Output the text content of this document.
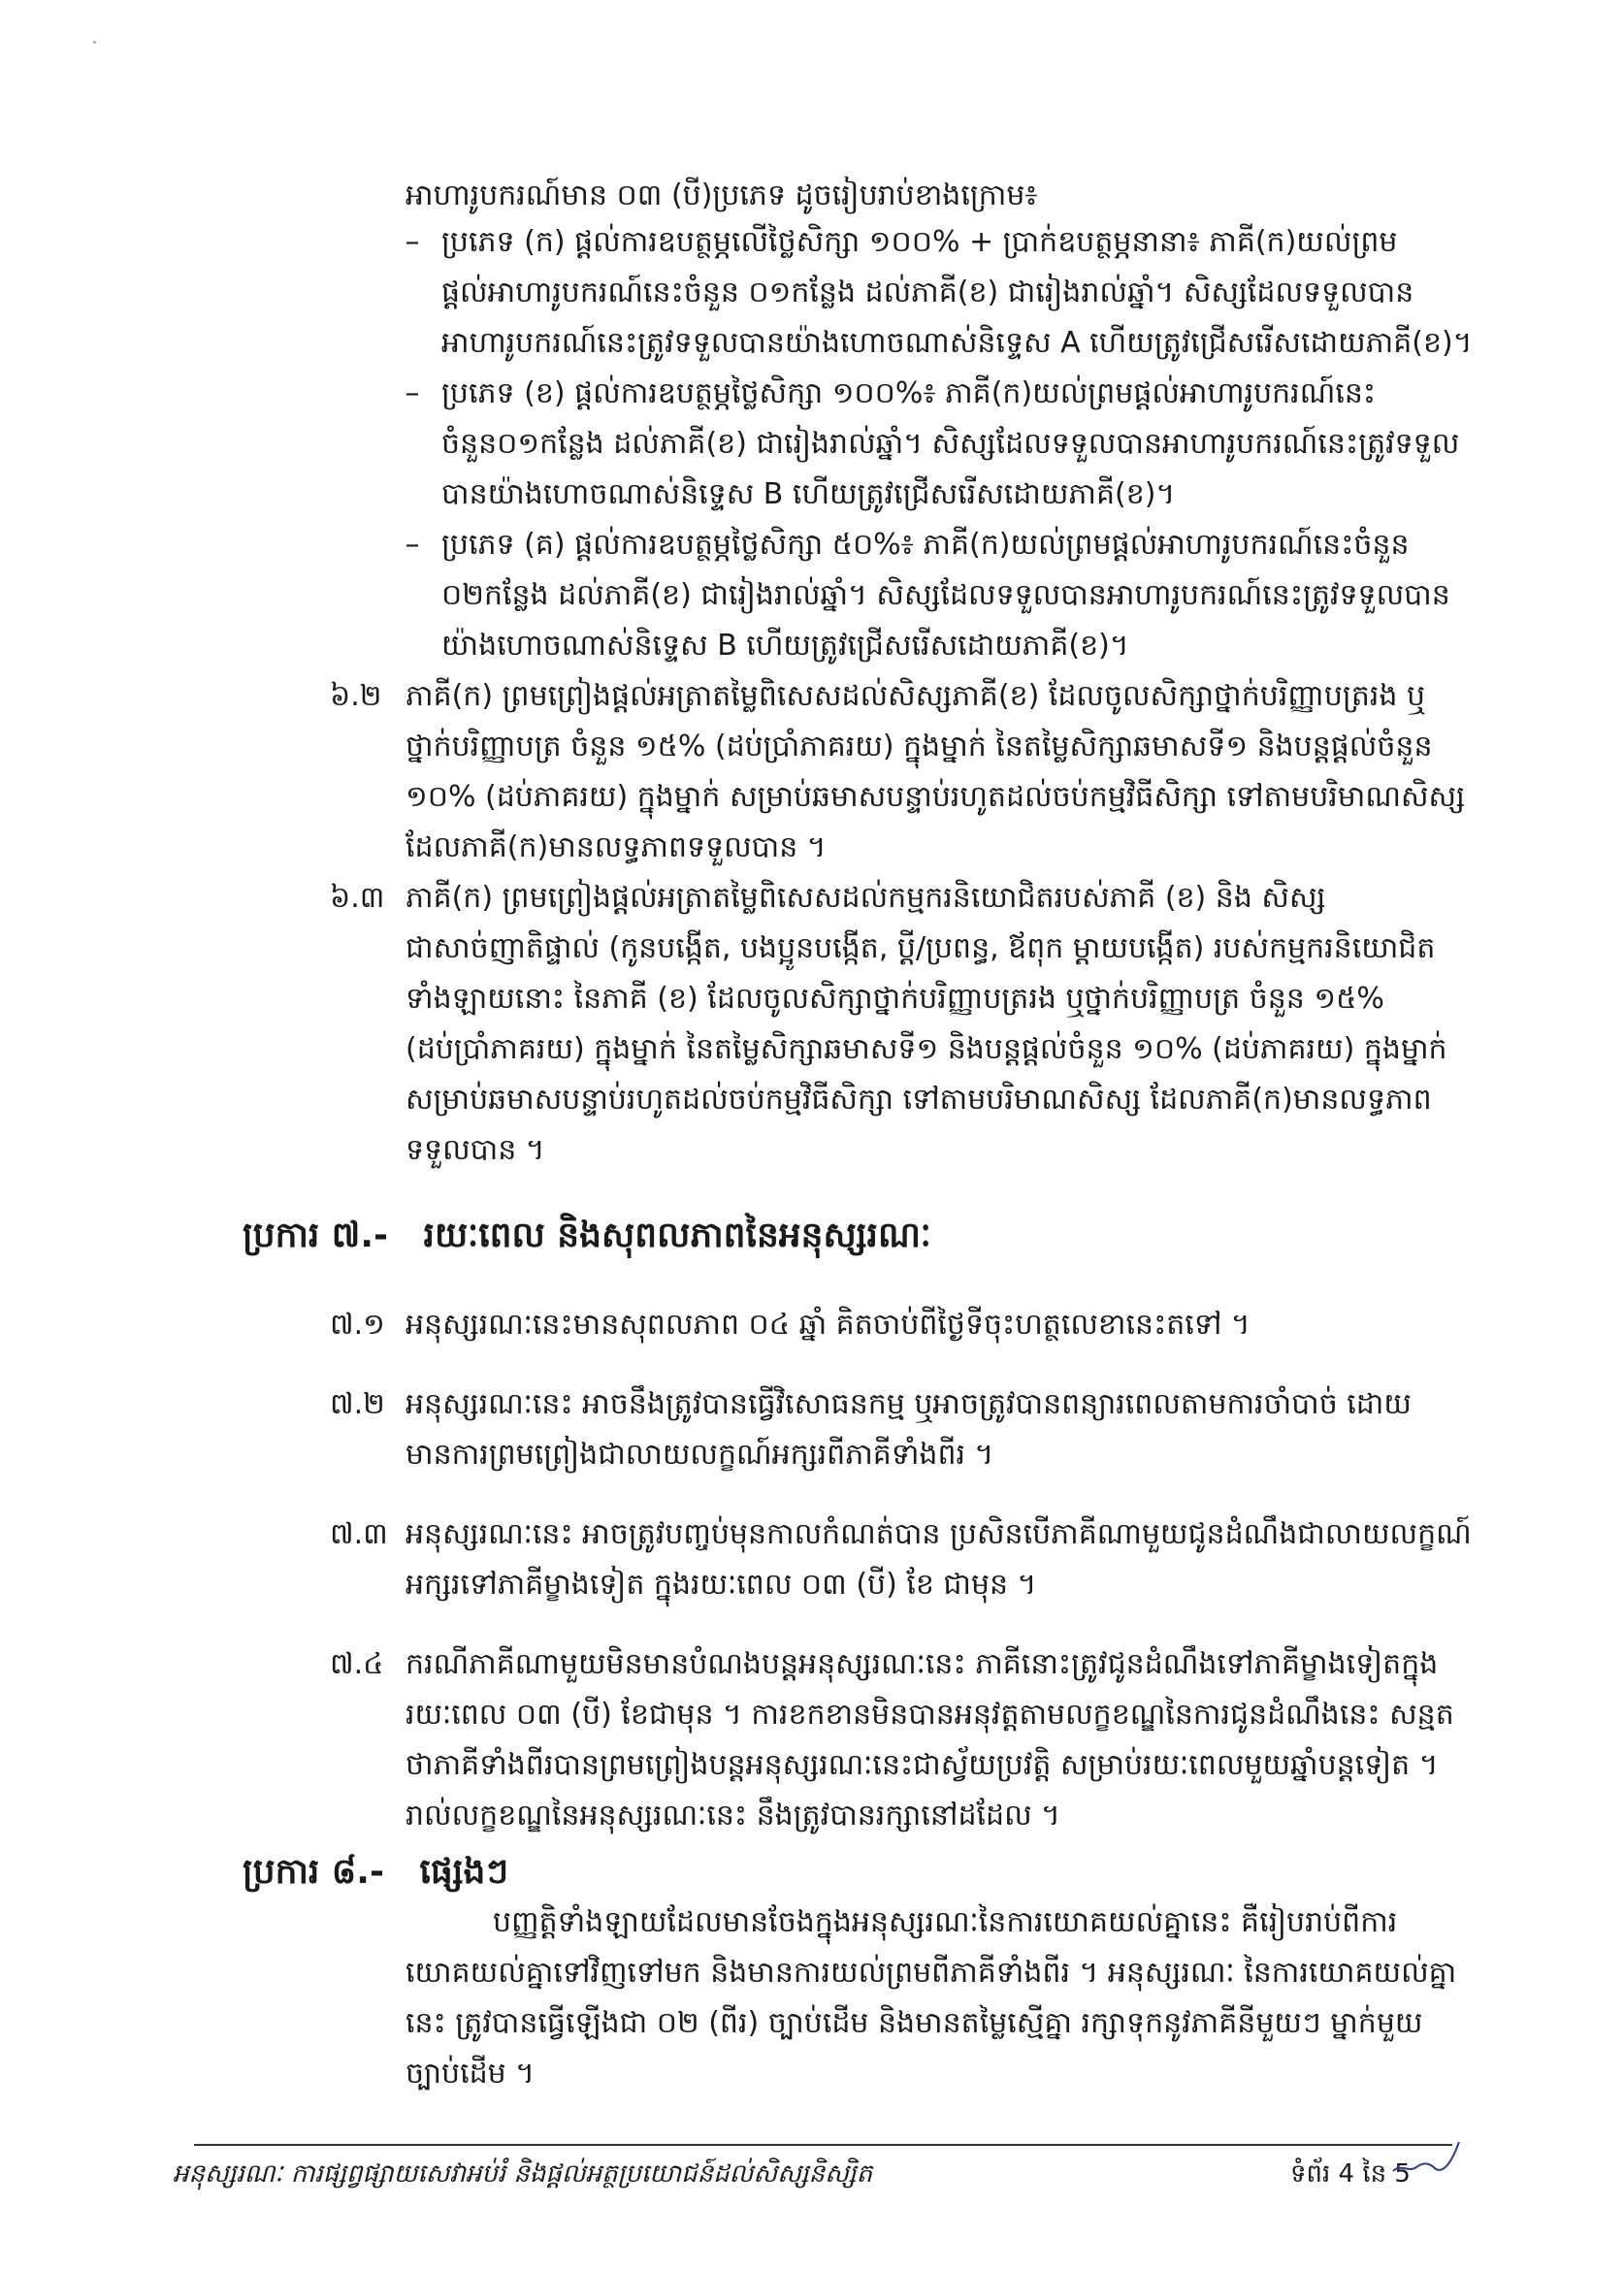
អាហារូបករណ៍មាន ០៣ (បី)ប្រភេទ ដូចរៀបរាប់ខាងក្រោម៖
– ប្រភេទ (ក) ផ្តល់ការឧបត្ថម្ភលើថ្លៃសិក្សា ១០០% + ប្រាក់ឧបត្ថម្ភនានា៖ ភាគី(ក)យល់ព្រម
ផ្តល់អាហារូបករណ៍នេះចំនួន ០១កន្លែង ដល់ភាគី(ខ) ជារៀងរាល់ឆ្នាំ។ សិស្សដែលទទួលបាន
អាហារូបករណ៍នេះត្រូវទទួលបានយ៉ាងហោចណាស់និទ្ទេស A ហើយត្រូវជ្រើសរើសដោយភាគី(ខ)។
– ប្រភេទ (ខ) ផ្តល់ការឧបត្ថម្ភថ្លៃសិក្សា ១០០%៖ ភាគី(ក)យល់ព្រមផ្តល់អាហារូបករណ៍នេះ
ចំនួន០១កន្លែង ដល់ភាគី(ខ) ជារៀងរាល់ឆ្នាំ។ សិស្សដែលទទួលបានអាហារូបករណ៍នេះត្រូវទទួល
បានយ៉ាងហោចណាស់និទ្ទេស B ហើយត្រូវជ្រើសរើសដោយភាគី(ខ)។
– ប្រភេទ (គ) ផ្តល់ការឧបត្ថម្ភថ្លៃសិក្សា ៥០%៖ ភាគី(ក)យល់ព្រមផ្តល់អាហារូបករណ៍នេះចំនួន
០២កន្លែង ដល់ភាគី(ខ) ជារៀងរាល់ឆ្នាំ។ សិស្សដែលទទួលបានអាហារូបករណ៍នេះត្រូវទទួលបាន
យ៉ាងហោចណាស់និទ្ទេស B ហើយត្រូវជ្រើសរើសដោយភាគី(ខ)។
៦.២ ភាគី(ក) ព្រមព្រៀងផ្តល់អត្រាតម្លៃពិសេសដល់សិស្សភាគី(ខ) ដែលចូលសិក្សាថ្នាក់បរិញ្ញាបត្ររង ឬ
ថ្នាក់បរិញ្ញាបត្រ ចំនួន ១៥% (ដប់ប្រាំភាគរយ) ក្នុងម្នាក់ នៃតម្លៃសិក្សាឆមាសទី១ និងបន្តផ្តល់ចំនួន
១០% (ដប់ភាគរយ) ក្នុងម្នាក់ សម្រាប់ឆមាសបន្ទាប់រហូតដល់ចប់កម្មវិធីសិក្សា ទៅតាមបរិមាណសិស្ស
ដែលភាគី(ក)មានលទ្ធភាពទទួលបាន ។
៦.៣ ភាគី(ក) ព្រមព្រៀងផ្តល់អត្រាតម្លៃពិសេសដល់កម្មករនិយោជិតរបស់ភាគី (ខ) និង សិស្ស
ជាសាច់ញាតិផ្ទាល់ (កូនបង្កើត, បងប្អូនបង្កើត, ប្តី/ប្រពន្ធ, ឪពុក ម្តាយបង្កើត) របស់កម្មករនិយោជិត
ទាំងឡាយនោះ នៃភាគី (ខ) ដែលចូលសិក្សាថ្នាក់បរិញ្ញាបត្ររង ឬថ្នាក់បរិញ្ញាបត្រ ចំនួន ១៥%
(ដប់ប្រាំភាគរយ) ក្នុងម្នាក់ នៃតម្លៃសិក្សាឆមាសទី១ និងបន្តផ្តល់ចំនួន ១០% (ដប់ភាគរយ) ក្នុងម្នាក់
សម្រាប់ឆមាសបន្ទាប់រហូតដល់ចប់កម្មវិធីសិក្សា ទៅតាមបរិមាណសិស្ស ដែលភាគី(ក)មានលទ្ធភាព
ទទួលបាន ។
ប្រការ ៧.- រយៈពេល និងសុពលភាពនៃអនុស្សរណៈ
៧.១ អនុស្សរណៈនេះមានសុពលភាព ០៤ ឆ្នាំ គិតចាប់ពីថ្ងៃទីចុះហត្ថលេខានេះតទៅ ។
៧.២ អនុស្សរណៈនេះ អាចនឹងត្រូវបានធ្វើវិសោធនកម្ម ឬអាចត្រូវបានពន្យារពេលតាមការចាំបាច់ ដោយ
មានការព្រមព្រៀងជាលាយលក្ខណ៍អក្សរពីភាគីទាំងពីរ ។
៧.៣ អនុស្សរណៈនេះ អាចត្រូវបញ្ចប់មុនកាលកំណត់បាន ប្រសិនបើភាគីណាមួយជូនដំណឹងជាលាយលក្ខណ៍
អក្សរទៅភាគីម្ខាងទៀត ក្នុងរយៈពេល ០៣ (បី) ខែ ជាមុន ។
៧.៤ ករណីភាគីណាមួយមិនមានបំណងបន្តអនុស្សរណៈនេះ ភាគីនោះត្រូវជូនដំណឹងទៅភាគីម្ខាងទៀតក្នុង
រយៈពេល ០៣ (បី) ខែជាមុន ។ ការខកខានមិនបានអនុវត្តតាមលក្ខខណ្ឌនៃការជូនដំណឹងនេះ សន្មត
ថាភាគីទាំងពីរបានព្រមព្រៀងបន្តអនុស្សរណៈនេះជាស្វ័យប្រវត្តិ សម្រាប់រយៈពេលមួយឆ្នាំបន្តទៀត ។
រាល់លក្ខខណ្ឌនៃអនុស្សរណៈនេះ នឹងត្រូវបានរក្សានៅដដែល ។
ប្រការ ៨.- ផ្សេងៗ
បញ្ញត្តិទាំងឡាយដែលមានចែងក្នុងអនុស្សរណៈនៃការយោគយល់គ្នានេះ គឺរៀបរាប់ពីការ
យោគយល់គ្នាទៅវិញទៅមក និងមានការយល់ព្រមពីភាគីទាំងពីរ ។ អនុស្សរណៈ នៃការយោគយល់គ្នា
នេះ ត្រូវបានធ្វើឡើងជា ០២ (ពីរ) ច្បាប់ដើម និងមានតម្លៃស្មើគ្នា រក្សាទុកនូវភាគីនីមួយៗ ម្នាក់មួយ
ច្បាប់ដើម ។
អនុស្សរណៈ ការផ្សព្វផ្សាយសេវាអប់រំ និងផ្តល់អត្ថប្រយោជន៍ដល់សិស្សនិស្សិត	ទំព័រ 4 នៃ 5
